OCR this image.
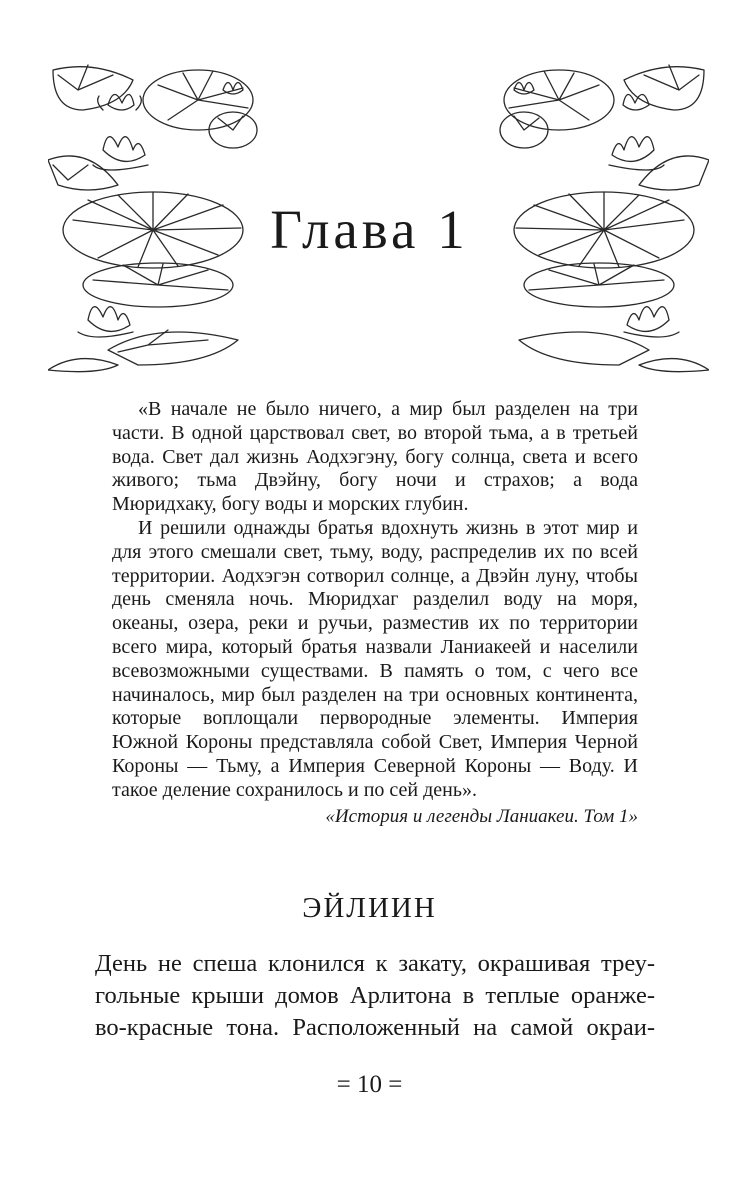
Глава 1

«В начале не было ничего, а мир был разделен на три части. В одной царствовал свет, во второй тьма, а в третьей вода. Свет дал жизнь Аодхэгэну, богу солнца, света и всего живого; тьма Двэйну, богу ночи и страхов; а вода Мюридхаку, богу воды и морских глубин.

И решили однажды братья вдохнуть жизнь в этот мир и для этого смешали свет, тьму, воду, распределив их по всей территории. Аодхэгэн сотворил солнце, а Двэйн луну, чтобы день сменяла ночь. Мюридхаг разделил воду на моря, океаны, озера, реки и ручьи, разместив их по территории всего мира, который братья назвали Ланиакеей и населили всевозможными существами. В память о том, с чего все начиналось, мир был разделен на три основных континента, которые воплощали первородные элементы. Империя Южной Короны представляла собой Свет, Империя Черной Короны — Тьму, а Империя Северной Короны — Воду. И такое деление сохранилось и по сей день».

«История и легенды Ланиакеи. Том 1»
ЭЙЛИИН
День не спеша клонился к закату, окрашивая треу-
гольные крыши домов Арлитона в теплые оранже-
во-красные тона. Расположенный на самой окраи-
= 10 =
